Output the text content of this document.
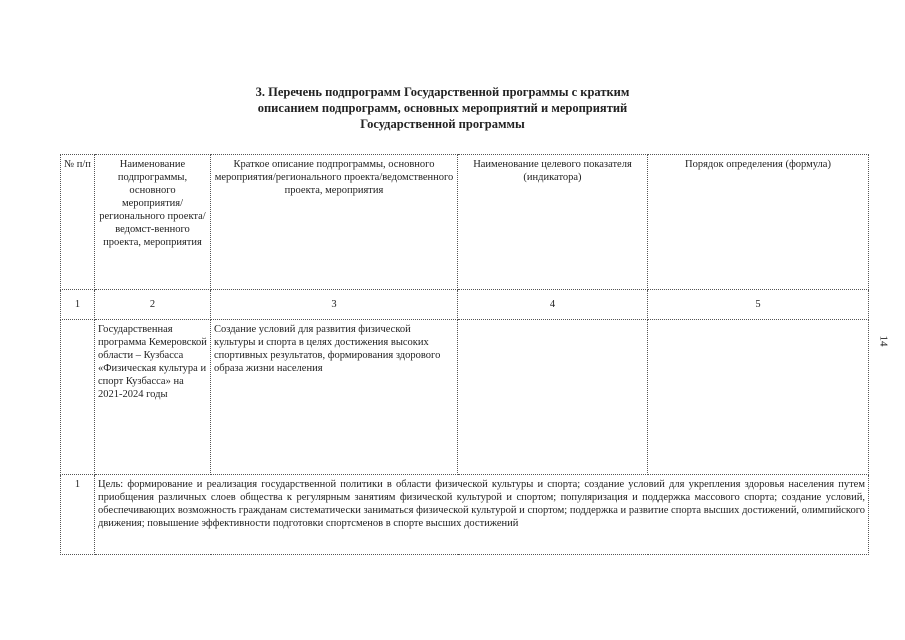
3. Перечень подпрограмм Государственной программы с кратким
описанием подпрограмм, основных мероприятий и мероприятий
Государственной программы
14
№ п/п	Наименование подпрограммы, основного мероприятия/ регионального проекта/ведомст-венного проекта, мероприятия	Краткое описание подпрограммы, основного мероприятия/регионального проекта/ведомственного проекта, мероприятия	Наименование целевого показателя (индикатора)	Порядок определения (формула)
1	2	3	4	5
	Государственная программа Кемеровской области – Кузбасса «Физическая культура и спорт Кузбасса» на 2021-2024 годы	Создание условий для развития физической культуры и спорта в целях достижения высоких спортивных результатов, формирования здорового образа жизни населения		
1	Цель: формирование и реализация государственной политики в области физической культуры и спорта; создание условий для укрепления здоровья населения путем приобщения различных слоев общества к регулярным занятиям физической культурой и спортом; популяризация и поддержка массового спорта; создание условий, обеспечивающих возможность гражданам систематически заниматься физической культурой и спортом; поддержка и развитие спорта высших достижений, олимпийского движения; повышение эффективности подготовки спортсменов в спорте высших достижений			
